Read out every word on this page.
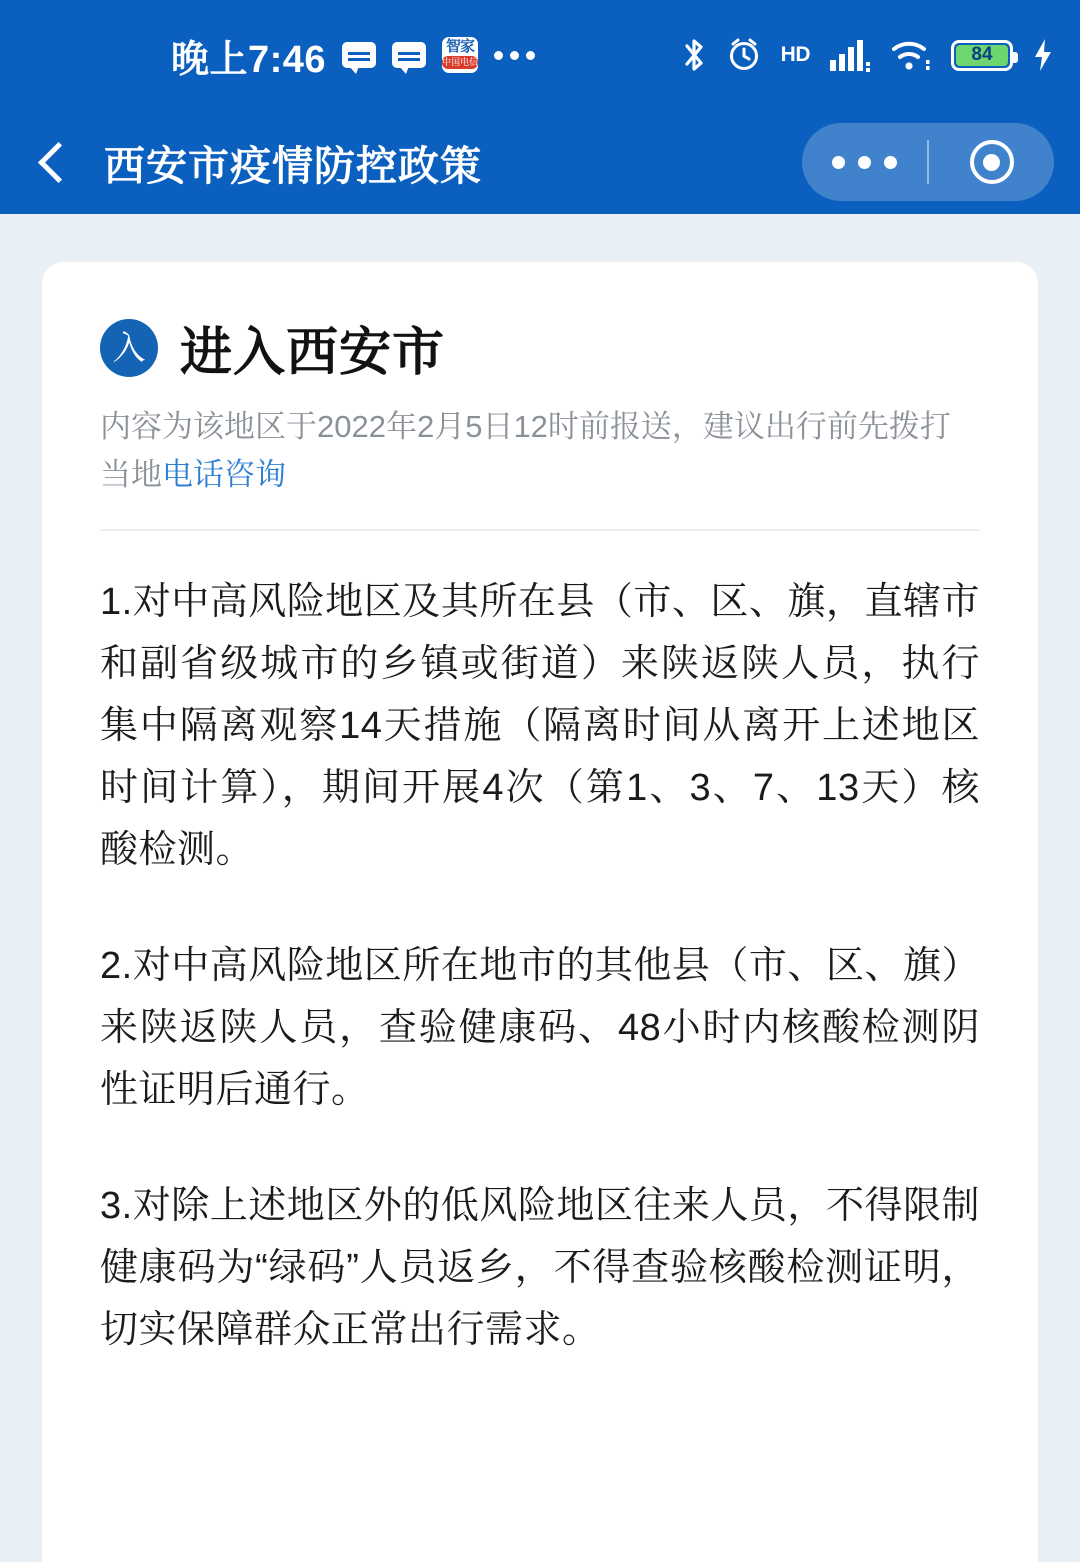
晚上7:46	智家
中国电信	HD	84
西安市疫情防控政策
入 进入西安市
内容为该地区于2022年2月5日12时前报送，建议出行前先拨打当地电话咨询

1.对中高风险地区及其所在县（市、区、旗，直辖市和副省级城市的乡镇或街道）来陕返陕人员，执行集中隔离观察14天措施（隔离时间从离开上述地区时间计算），期间开展4次（第1、3、7、13天）核酸检测。

2.对中高风险地区所在地市的其他县（市、区、旗）来陕返陕人员，查验健康码、48小时内核酸检测阴性证明后通行。

3.对除上述地区外的低风险地区往来人员，不得限制健康码为“绿码”人员返乡，不得查验核酸检测证明，切实保障群众正常出行需求。
